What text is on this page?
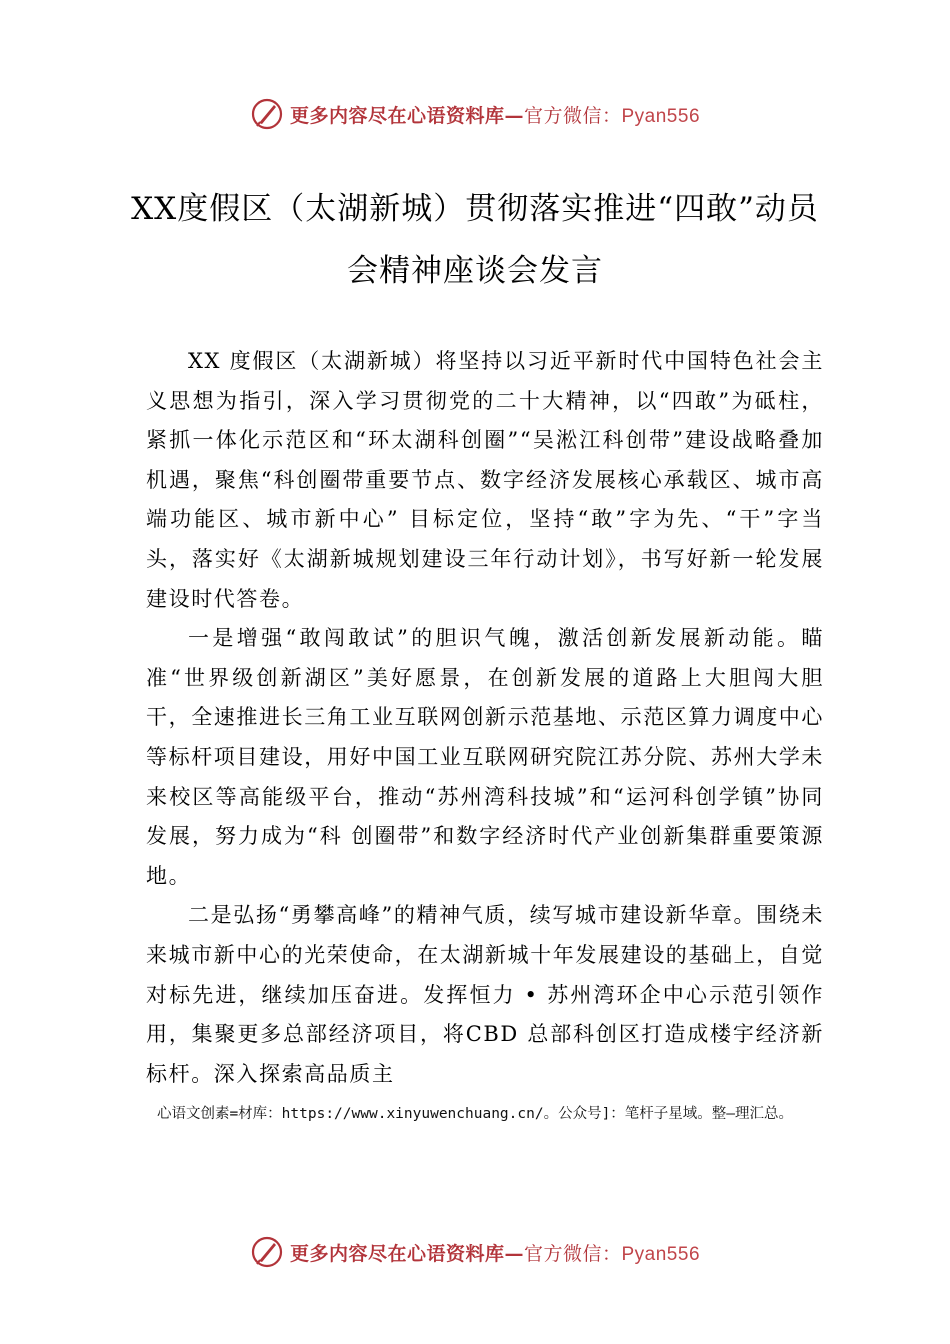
更多内容尽在心语资料库—官方微信：Pyan556
XX度假区（太湖新城）贯彻落实推进“四敢”动员会精神座谈会发言

XX 度假区（太湖新城）将坚持以习近平新时代中国特色社会主义思想为指引，深入学习贯彻党的二十大精神，以“四敢”为砥柱，紧抓一体化示范区和“环太湖科创圈”“吴淞江科创带”建设战略叠加机遇，聚焦“科创圈带重要节点、数字经济发展核心承载区、城市高端功能区、城市新中心” 目标定位，坚持“敢”字为先、“干”字当头，落实好《太湖新城规划建设三年行动计划》，书写好新一轮发展建设时代答卷。

一是增强“敢闯敢试”的胆识气魄，激活创新发展新动能。瞄准“世界级创新湖区”美好愿景，在创新发展的道路上大胆闯大胆干，全速推进长三角工业互联网创新示范基地、示范区算力调度中心等标杆项目建设，用好中国工业互联网研究院江苏分院、苏州大学未来校区等高能级平台，推动“苏州湾科技城”和“运河科创学镇”协同发展，努力成为“科 创圈带”和数字经济时代产业创新集群重要策源地。

二是弘扬“勇攀高峰”的精神气质，续写城市建设新华章。围绕未来城市新中心的光荣使命，在太湖新城十年发展建设的基础上，自觉对标先进，继续加压奋进。发挥恒力 • 苏州湾环企中心示范引领作用，集聚更多总部经济项目，将CBD 总部科创区打造成楼宇经济新标杆。深入探索高品质主

心语文创素=材库：https://www.xinyuwenchuang.cn/。公众号]：笔杆子星域。整—理汇总。
更多内容尽在心语资料库—官方微信：Pyan556
